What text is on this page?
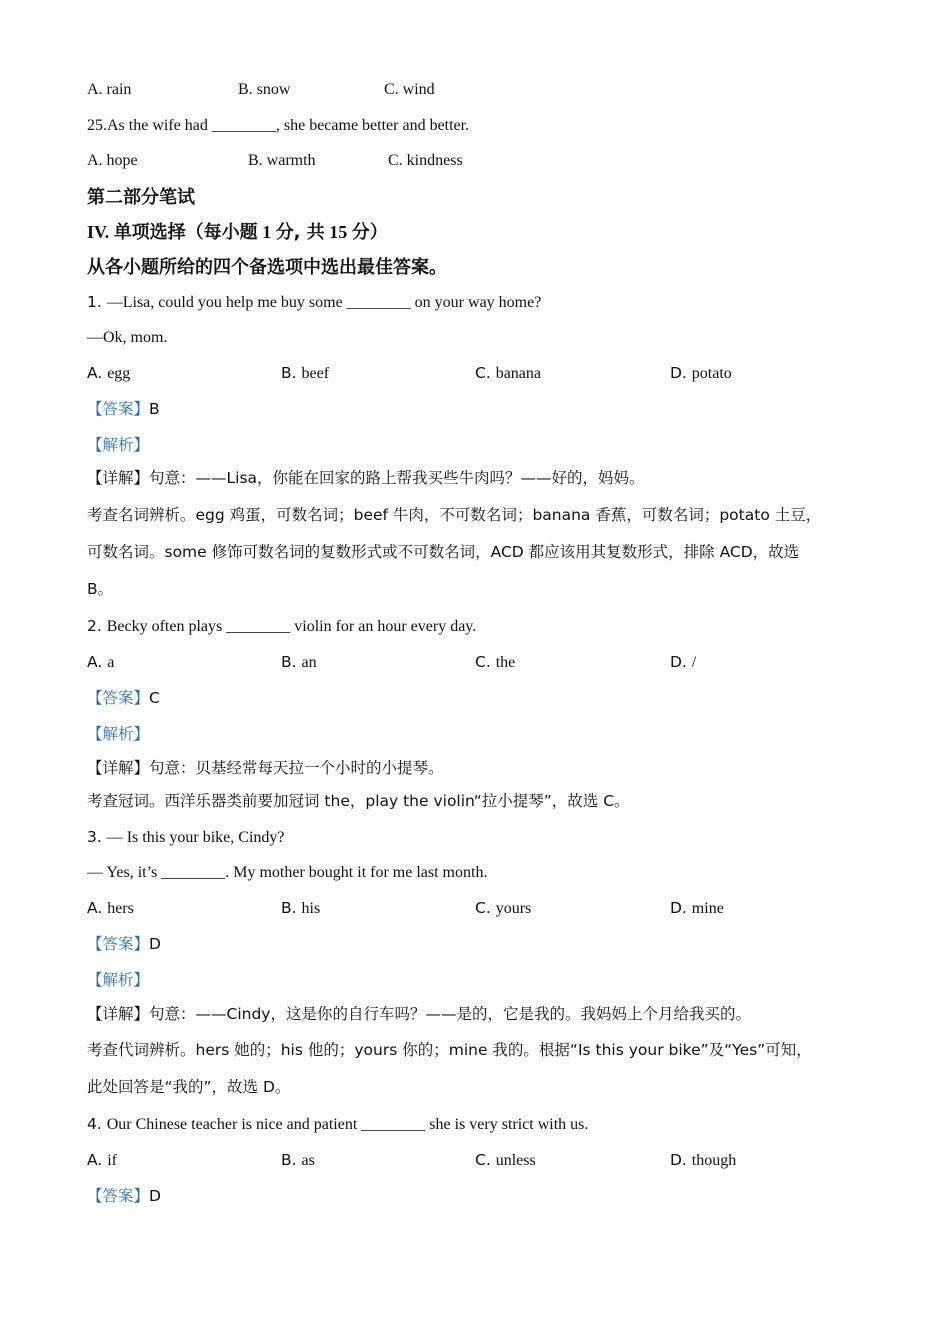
A. rain	B. snow	C. wind
25.As the wife had ________, she became better and better.
A. hope	B. warmth	C. kindness
第二部分笔试
IV. 单项选择（每小题 1 分, 共 15 分）
从各小题所给的四个备选项中选出最佳答案。
1. —Lisa, could you help me buy some ________ on your way home?
—Ok, mom.
A. egg	B. beef	C. banana	D. potato
【答案】B
【解析】
【详解】句意：——Lisa，你能在回家的路上帮我买些牛肉吗？——好的，妈妈。
考查名词辨析。egg 鸡蛋，可数名词；beef 牛肉，不可数名词；banana 香蕉，可数名词；potato 土豆，
可数名词。some 修饰可数名词的复数形式或不可数名词，ACD 都应该用其复数形式，排除 ACD，故选
B。
2. Becky often plays ________ violin for an hour every day.
A. a	B. an	C. the	D. /
【答案】C
【解析】
【详解】句意：贝基经常每天拉一个小时的小提琴。
考查冠词。西洋乐器类前要加冠词 the，play the violin“拉小提琴”，故选 C。
3. — Is this your bike, Cindy?
— Yes, it’s ________. My mother bought it for me last month.
A. hers	B. his	C. yours	D. mine
【答案】D
【解析】
【详解】句意：——Cindy，这是你的自行车吗？——是的，它是我的。我妈妈上个月给我买的。
考查代词辨析。hers 她的；his 他的；yours 你的；mine 我的。根据“Is this your bike”及“Yes”可知，
此处回答是“我的”，故选 D。
4. Our Chinese teacher is nice and patient ________ she is very strict with us.
A. if	B. as	C. unless	D. though
【答案】D
